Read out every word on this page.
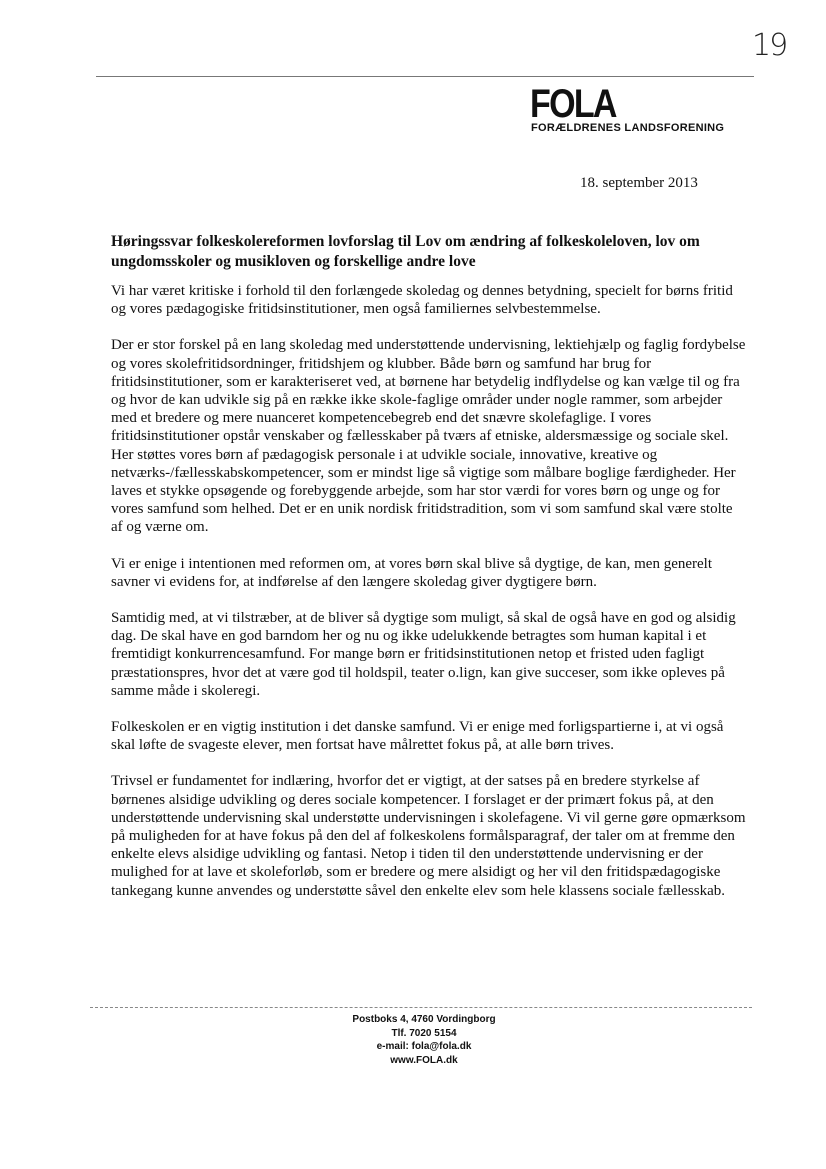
19
FOLA
FORÆLDRENES LANDSFORENING
18. september 2013
Høringssvar folkeskolereformen lovforslag til Lov om ændring af folkeskoleloven, lov om ungdomsskoler og musikloven og forskellige andre love

Vi har været kritiske i forhold til den forlængede skoledag og dennes betydning, specielt for børns fritid og vores pædagogiske fritidsinstitutioner, men også familiernes selvbestemmelse.

Der er stor forskel på en lang skoledag med understøttende undervisning, lektiehjælp og faglig fordybelse og vores skolefritidsordninger, fritidshjem og klubber. Både børn og samfund har brug for fritidsinstitutioner, som er karakteriseret ved, at børnene har betydelig indflydelse og kan vælge til og fra og hvor de kan udvikle sig på en række ikke skole-faglige områder under nogle rammer, som arbejder med et bredere og mere nuanceret kompetencebegreb end det snævre skolefaglige. I vores fritidsinstitutioner opstår venskaber og fællesskaber på tværs af etniske, aldersmæssige og sociale skel. Her støttes vores børn af pædagogisk personale i at udvikle sociale, innovative, kreative og netværks-/fællesskabskompetencer, som er mindst lige så vigtige som målbare boglige færdigheder. Her laves et stykke opsøgende og forebyggende arbejde, som har stor værdi for vores børn og unge og for vores samfund som helhed. Det er en unik nordisk fritidstradition, som vi som samfund skal være stolte af og værne om.

Vi er enige i intentionen med reformen om, at vores børn skal blive så dygtige, de kan, men generelt savner vi evidens for, at indførelse af den længere skoledag giver dygtigere børn.

Samtidig med, at vi tilstræber, at de bliver så dygtige som muligt, så skal de også have en god og alsidig dag. De skal have en god barndom her og nu og ikke udelukkende betragtes som human kapital i et fremtidigt konkurrencesamfund. For mange børn er fritidsinstitutionen netop et fristed uden fagligt præstationspres, hvor det at være god til holdspil, teater o.lign, kan give succeser, som ikke opleves på samme måde i skoleregi.

Folkeskolen er en vigtig institution i det danske samfund. Vi er enige med forligspartierne i, at vi også skal løfte de svageste elever, men fortsat have målrettet fokus på, at alle børn trives.

Trivsel er fundamentet for indlæring, hvorfor det er vigtigt, at der satses på en bredere styrkelse af børnenes alsidige udvikling og deres sociale kompetencer. I forslaget er der primært fokus på, at den understøttende undervisning skal understøtte undervisningen i skolefagene. Vi vil gerne gøre opmærksom på muligheden for at have fokus på den del af folkeskolens formålsparagraf, der taler om at fremme den enkelte elevs alsidige udvikling og fantasi. Netop i tiden til den understøttende undervisning er der mulighed for at lave et skoleforløb, som er bredere og mere alsidigt og her vil den fritidspædagogiske tankegang kunne anvendes og understøtte såvel den enkelte elev som hele klassens sociale fællesskab.

Postboks 4, 4760 Vordingborg
Tlf. 7020 5154
e-mail: fola@fola.dk
www.FOLA.dk
